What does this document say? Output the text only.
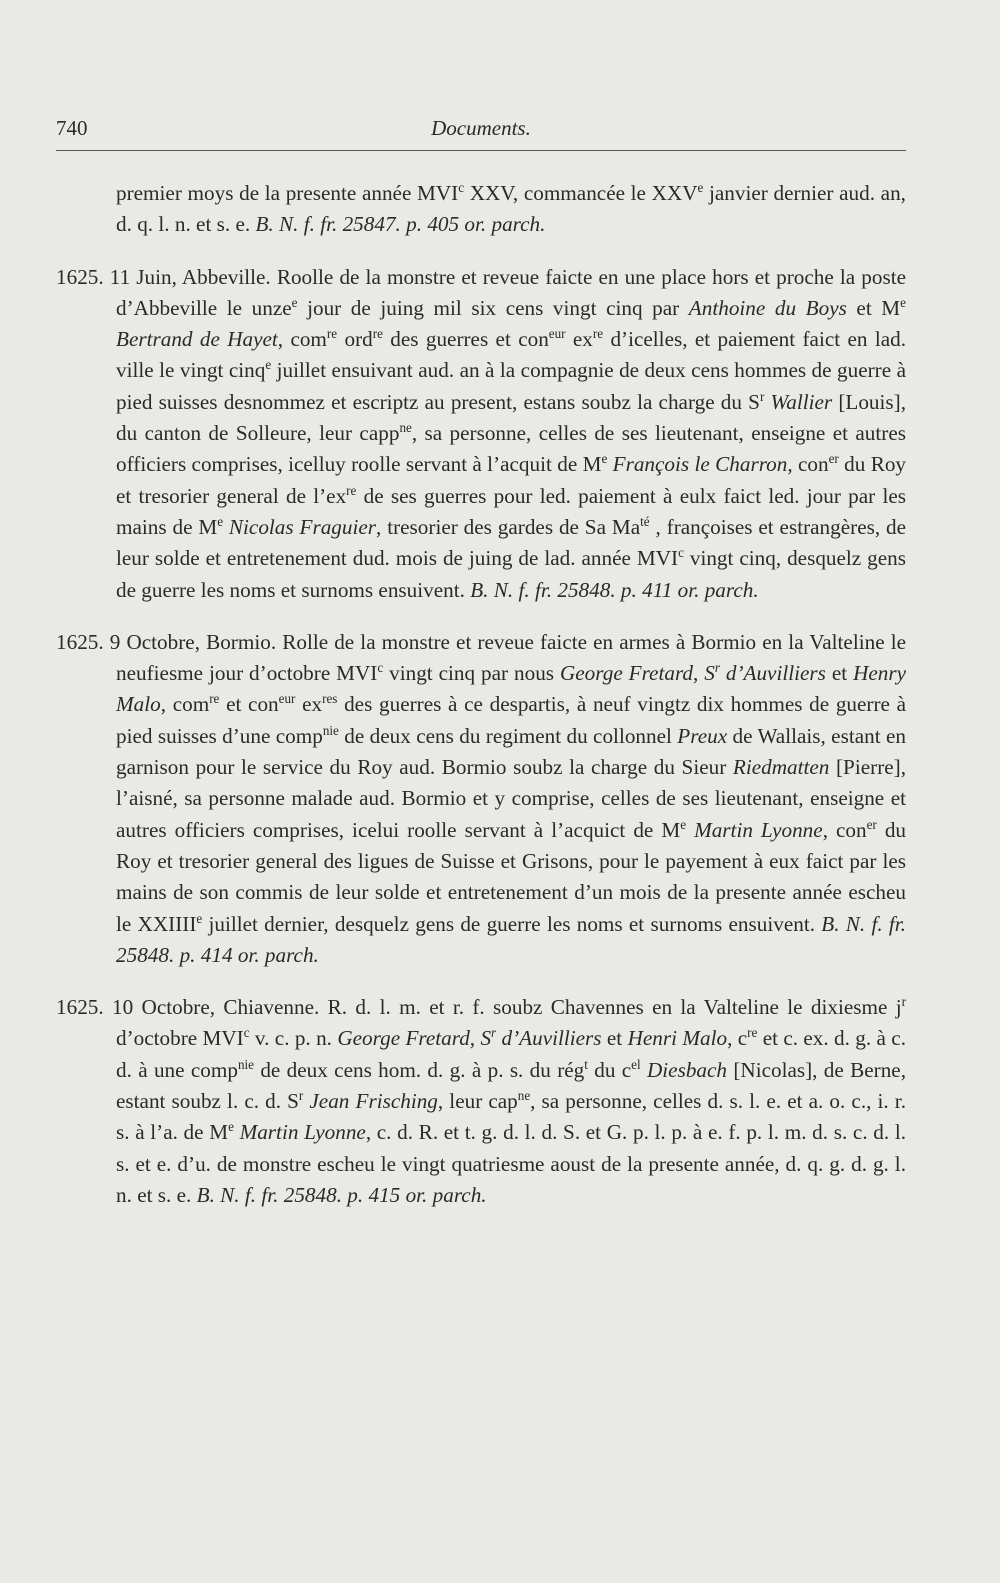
740	Documents.

premier moys de la presente année MVI$^c$ XXV, commancée le XXVe janvier dernier aud. an, d. q. l. n. et s. e. B. N. f. fr. 25847. p. 405 or. parch.

1625. 11 Juin, Abbeville. Roolle de la monstre et reveue faicte en une place hors et proche la poste d’Abbeville le unze$^e$ jour de juing mil six cens vingt cinq par Anthoine du Boys et Me Bertrand de Hayet, com$^{re}$ ord$^{re}$ des guerres et con$^{eur}$ $ex^{re}$ d’icelles, et paiement faict en lad. ville le vingt cinq$^e$ juillet ensuivant aud. an à la compagnie de deux cens hommes de guerre à pied suisses desnommez et escriptz au present, estans soubz la charge du $S^r$ Wallier [Louis], du canton de Solleure, leur capp$^{ne}$, sa personne, celles de ses lieutenant, enseigne et autres officiers comprises, icelluy roolle servant à l’acquit de Me François le Charron, con$^{er}$ du Roy et tresorier general de $l’ex^{re}$ de ses guerres pour led. paiement à eulx faict led. jour par les mains de Me Nicolas Fraguier, tresorier des gardes de Sa $Ma^{té}$ , françoises et estrangères, de leur solde et entretenement dud. mois de juing de lad. année MVI$^c$ vingt cinq, desquelz gens de guerre les noms et surnoms ensuivent. B. N. f. fr. 25848. p. 411 or. parch.

1625. 9 Octobre, Bormio. Rolle de la monstre et reveue faicte en armes à Bormio en la Valteline le neufiesme jour d’octobre MVI$^c$ vingt cinq par nous George Fretard, $S^r$ d’Auvilliers et Henry Malo, com$^{re}$ et con$^{eur}$ $ex^{res}$ des guerres à ce despartis, à neuf vingtz dix hommes de guerre à pied suisses d’une comp$^{nie}$ de deux cens du regiment du collonnel Preux de Wallais, estant en garnison pour le service du Roy aud. Bormio soubz la charge du Sieur Riedmatten [Pierre], l’aisné, sa personne malade aud. Bormio et y comprise, celles de ses lieutenant, enseigne et autres officiers comprises, icelui roolle servant à l’acquict de Me Martin Lyonne, con$^{er}$ du Roy et tresorier general des ligues de Suisse et Grisons, pour le payement à eux faict par les mains de son commis de leur solde et entretenement d’un mois de la presente année escheu le XXIIIIe juillet dernier, desquelz gens de guerre les noms et surnoms ensuivent. B. N. f. fr. 25848. p. 414 or. parch.

1625. 10 Octobre, Chiavenne. R. d. l. m. et r. f. soubz Chavennes en la Valteline le dixiesme $j^r$ d’octobre MVI$^c$ v. c. p. n. George Fretard, $S^r$ d’Auvilliers et Henri Malo, $c^{re}$ et c. ex. d. g. à c. d. à une comp$^{nie}$ de deux cens hom. d. g. à p. s. du rég$^t$ du $c^{el}$ Diesbach [Nicolas], de Berne, estant soubz l. c. d. $S^r$ Jean Frisching, leur cap$^{ne}$, sa personne, celles d. s. l. e. et a. o. c., i. r. s. à l’a. de Me Martin Lyonne, c. d. R. et t. g. d. l. d. S. et G. p. l. p. à e. f. p. l. m. d. s. c. d. l. s. et e. d’u. de monstre escheu le vingt quatriesme aoust de la presente année, d. q. g. d. g. l. n. et s. e. B. N. f. fr. 25848. p. 415 or. parch.
